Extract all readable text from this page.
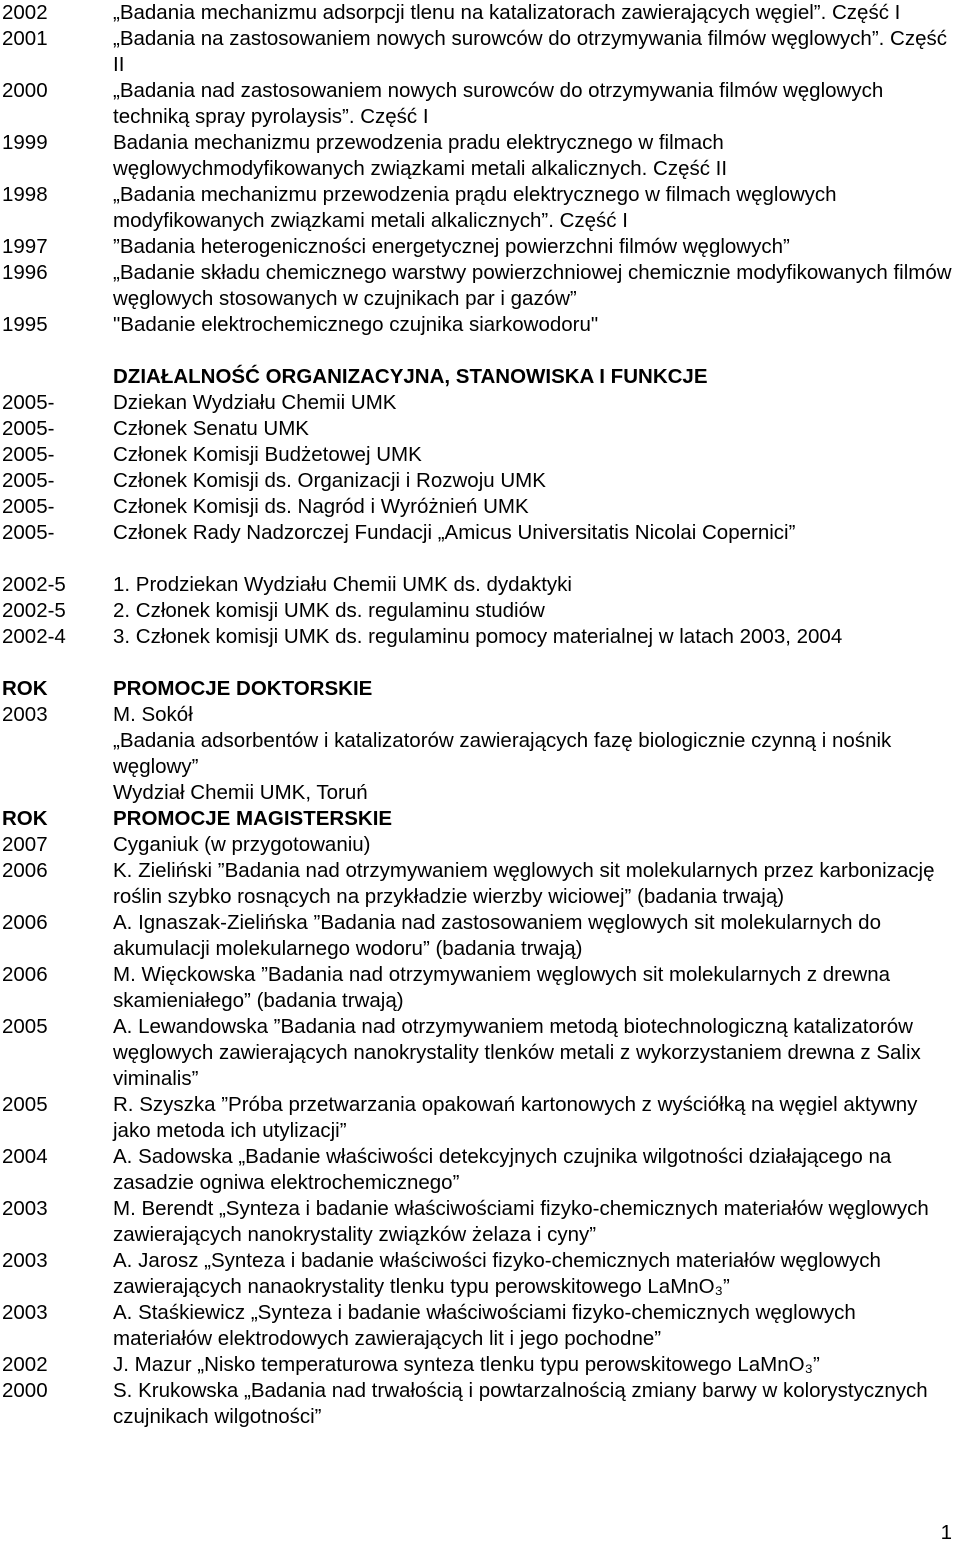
2002	„Badania mechanizmu adsorpcji tlenu na katalizatorach zawierających węgiel”. Część I
2001	„Badania na zastosowaniem nowych surowców do otrzymywania filmów węglowych”. Część II
2000	„Badania nad zastosowaniem nowych surowców do otrzymywania filmów węglowych techniką spray pyrolaysis”. Część I
1999	Badania mechanizmu przewodzenia pradu elektrycznego w filmach węglowychmodyfikowanych związkami metali alkalicznych. Część II
1998	„Badania mechanizmu przewodzenia prądu elektrycznego w filmach węglowych modyfikowanych związkami metali alkalicznych”. Część I
1997	”Badania heterogeniczności energetycznej powierzchni filmów węglowych”
1996	„Badanie składu chemicznego warstwy powierzchniowej chemicznie modyfikowanych filmów węglowych stosowanych w czujnikach par i gazów”
1995	"Badanie elektrochemicznego czujnika siarkowodoru"
DZIAŁALNOŚĆ ORGANIZACYJNA, STANOWISKA I FUNKCJE
2005-	Dziekan Wydziału Chemii UMK
2005-	Członek Senatu UMK
2005-	Członek Komisji Budżetowej UMK
2005-	Członek Komisji ds. Organizacji i Rozwoju UMK
2005-	Członek Komisji ds. Nagród i Wyróżnień UMK
2005-	Członek Rady Nadzorczej Fundacji „Amicus Universitatis Nicolai Copernici”
2002-5	1. Prodziekan Wydziału Chemii UMK ds. dydaktyki
2002-5	2. Członek komisji UMK ds. regulaminu studiów
2002-4	3. Członek komisji UMK ds. regulaminu pomocy materialnej w latach 2003, 2004
ROK	PROMOCJE DOKTORSKIE
2003	M. Sokół
„Badania adsorbentów i katalizatorów zawierających fazę biologicznie czynną i nośnik węglowy”
Wydział Chemii UMK, Toruń
ROK	PROMOCJE MAGISTERSKIE
2007	Cyganiuk (w przygotowaniu)
2006	K. Zieliński ”Badania nad otrzymywaniem węglowych sit molekularnych przez karbonizację roślin szybko rosnących na przykładzie wierzby wiciowej” (badania trwają)
2006	A. Ignaszak-Zielińska ”Badania nad zastosowaniem węglowych sit molekularnych do akumulacji molekularnego wodoru” (badania trwają)
2006	M. Więckowska ”Badania nad otrzymywaniem węglowych sit molekularnych z drewna skamieniałego” (badania trwają)
2005	A. Lewandowska ”Badania nad otrzymywaniem metodą biotechnologiczną katalizatorów węglowych zawierających nanokrystality tlenków metali z wykorzystaniem drewna z Salix viminalis”
2005	R. Szyszka ”Próba przetwarzania opakowań kartonowych z wyściółką na węgiel aktywny jako metoda ich utylizacji”
2004	A. Sadowska „Badanie właściwości detekcyjnych czujnika wilgotności działającego na zasadzie ogniwa elektrochemicznego”
2003	M. Berendt „Synteza i badanie właściwościami fizyko-chemicznych materiałów węglowych zawierających nanokrystality związków żelaza i cyny”
2003	A. Jarosz „Synteza i badanie właściwości fizyko-chemicznych materiałów węglowych zawierających nanaokrystality tlenku typu perowskitowego LaMnO₃”
2003	A. Staśkiewicz „Synteza i badanie właściwościami fizyko-chemicznych węglowych materiałów elektrodowych zawierających lit i jego pochodne”
2002	J. Mazur „Nisko temperaturowa synteza tlenku typu perowskitowego LaMnO₃”
2000	S. Krukowska „Badania nad trwałością i powtarzalnością zmiany barwy w kolorystycznych czujnikach wilgotności”
1
